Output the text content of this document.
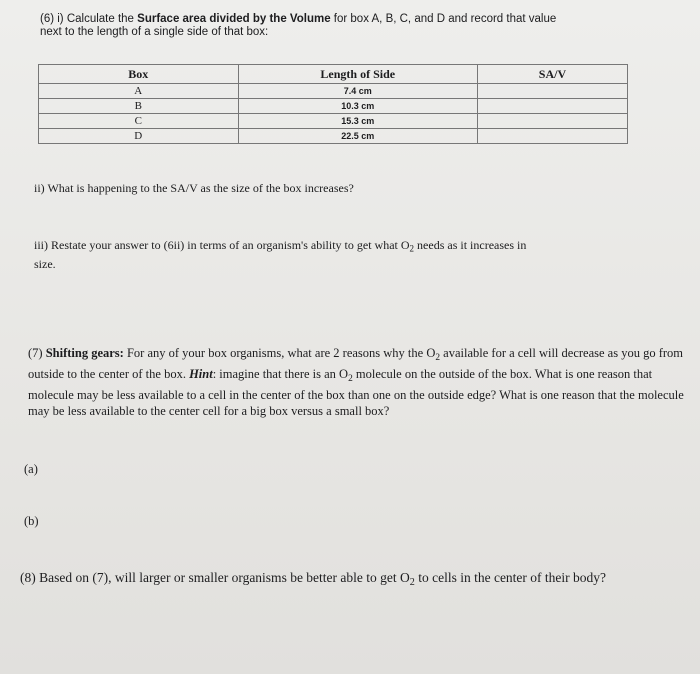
(6) i) Calculate the Surface area divided by the Volume for box A, B, C, and D and record that value
next to the length of a single side of that box:
Box	Length of Side	SA/V
A	7.4 cm	
B	10.3 cm	
C	15.3 cm	
D	22.5 cm	
ii) What is happening to the SA/V as the size of the box increases?
iii) Restate your answer to (6ii) in terms of an organism's ability to get what $O_2$ needs as it increases in
size.
(7) Shifting gears: For any of your box organisms, what are 2 reasons why the $O_2$ available for a cell will decrease as you go from outside to the center of the box. Hint: imagine that there is an $O_2$ molecule on the outside of the box. What is one reason that molecule may be less available to a cell in the center of the box than one on the outside edge? What is one reason that the molecule may be less available to the center cell for a big box versus a small box?
(a)
(b)
(8) Based on (7), will larger or smaller organisms be better able to get $O_2$ to cells in the center of their body?
